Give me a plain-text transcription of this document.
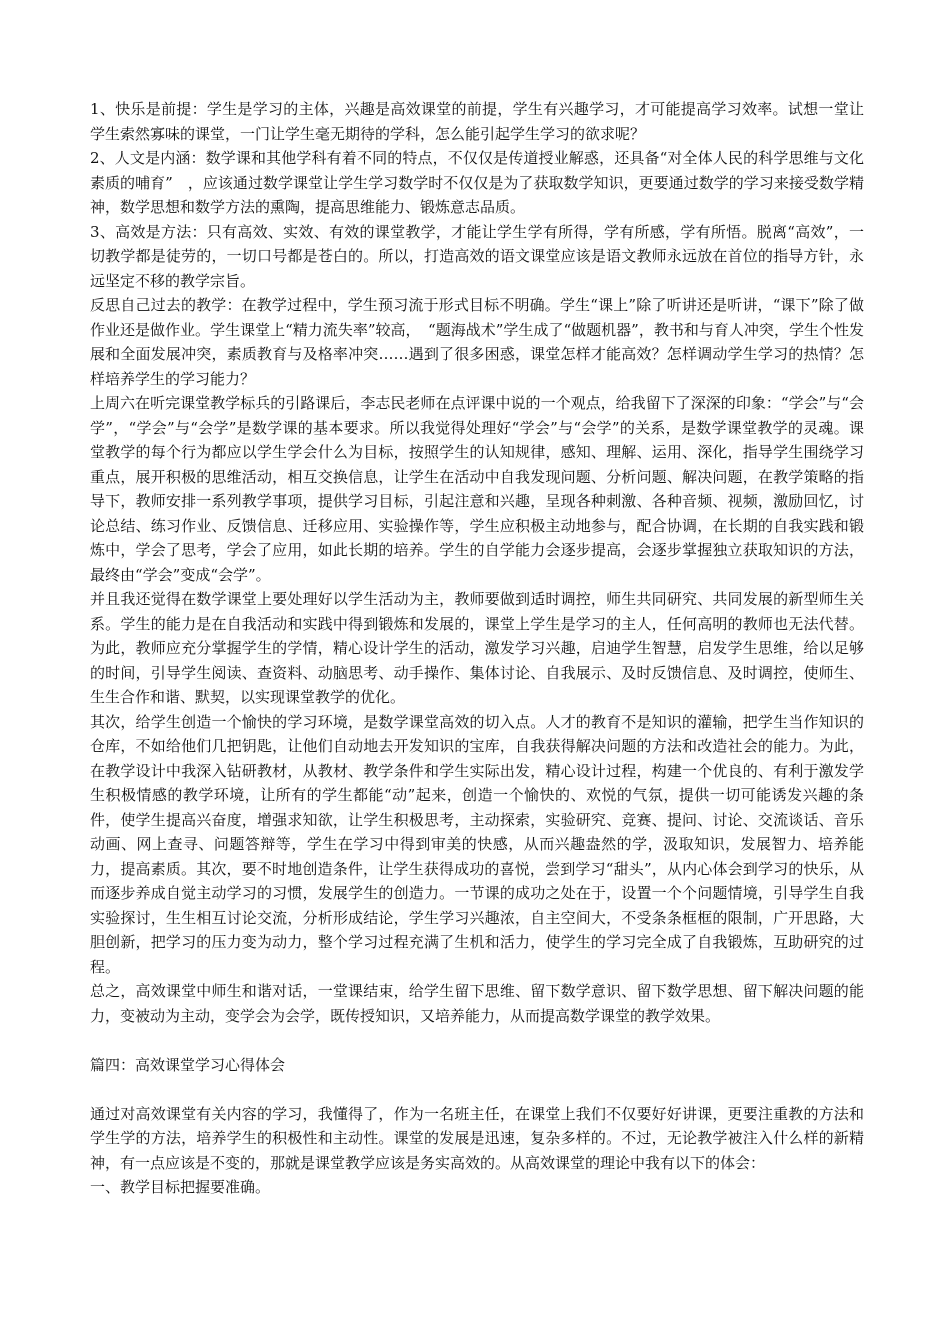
1、快乐是前提：学生是学习的主体，兴趣是高效课堂的前提，学生有兴趣学习，才可能提高学习效率。试想一堂让学生索然寡味的课堂，一门让学生毫无期待的学科，怎么能引起学生学习的欲求呢？

2、人文是内涵：数学课和其他学科有着不同的特点，不仅仅是传道授业解惑，还具备“对全体人民的科学思维与文化素质的哺育”　，应该通过数学课堂让学生学习数学时不仅仅是为了获取数学知识，更要通过数学的学习来接受数学精神，数学思想和数学方法的熏陶，提高思维能力、锻炼意志品质。

3、高效是方法：只有高效、实效、有效的课堂教学，才能让学生学有所得，学有所感，学有所悟。脱离“高效”，一切教学都是徒劳的，一切口号都是苍白的。所以，打造高效的语文课堂应该是语文教师永远放在首位的指导方针，永远坚定不移的教学宗旨。

反思自己过去的教学：在教学过程中，学生预习流于形式目标不明确。学生“课上”除了听讲还是听讲，“课下”除了做作业还是做作业。学生课堂上“精力流失率”较高，　“题海战术”学生成了“做题机器”，教书和与育人冲突，学生个性发展和全面发展冲突，素质教育与及格率冲突……遇到了很多困惑，课堂怎样才能高效？怎样调动学生学习的热情？怎样培养学生的学习能力？

上周六在听完课堂教学标兵的引路课后，李志民老师在点评课中说的一个观点，给我留下了深深的印象：“学会”与“会学”，“学会”与“会学”是数学课的基本要求。所以我觉得处理好“学会”与“会学”的关系，是数学课堂教学的灵魂。课堂教学的每个行为都应以学生学会什么为目标，按照学生的认知规律，感知、理解、运用、深化，指导学生围绕学习重点，展开积极的思维活动，相互交换信息，让学生在活动中自我发现问题、分析问题、解决问题，在教学策略的指导下，教师安排一系列教学事项，提供学习目标，引起注意和兴趣，呈现各种刺激、各种音频、视频，激励回忆，讨论总结、练习作业、反馈信息、迁移应用、实验操作等，学生应积极主动地参与，配合协调，在长期的自我实践和锻炼中，学会了思考，学会了应用，如此长期的培养。学生的自学能力会逐步提高，会逐步掌握独立获取知识的方法，最终由“学会”变成“会学”。

并且我还觉得在数学课堂上要处理好以学生活动为主，教师要做到适时调控，师生共同研究、共同发展的新型师生关系。学生的能力是在自我活动和实践中得到锻炼和发展的，课堂上学生是学习的主人，任何高明的教师也无法代替。为此，教师应充分掌握学生的学情，精心设计学生的活动，激发学习兴趣，启迪学生智慧，启发学生思维，给以足够的时间，引导学生阅读、查资料、动脑思考、动手操作、集体讨论、自我展示、及时反馈信息、及时调控，使师生、生生合作和谐、默契，以实现课堂教学的优化。

其次，给学生创造一个愉快的学习环境，是数学课堂高效的切入点。人才的教育不是知识的灌输，把学生当作知识的仓库，不如给他们几把钥匙，让他们自动地去开发知识的宝库，自我获得解决问题的方法和改造社会的能力。为此，在教学设计中我深入钻研教材，从教材、教学条件和学生实际出发，精心设计过程，构建一个优良的、有利于激发学生积极情感的教学环境，让所有的学生都能“动”起来，创造一个愉快的、欢悦的气氛，提供一切可能诱发兴趣的条件，使学生提高兴奋度，增强求知欲，让学生积极思考，主动探索，实验研究、竞赛、提问、讨论、交流谈话、音乐动画、网上查寻、问题答辩等，学生在学习中得到审美的快感，从而兴趣盎然的学，汲取知识，发展智力、培养能力，提高素质。其次，要不时地创造条件，让学生获得成功的喜悦，尝到学习“甜头”，从内心体会到学习的快乐，从而逐步养成自觉主动学习的习惯，发展学生的创造力。一节课的成功之处在于，设置一个个问题情境，引导学生自我实验探讨，生生相互讨论交流，分析形成结论，学生学习兴趣浓，自主空间大，不受条条框框的限制，广开思路，大胆创新，把学习的压力变为动力，整个学习过程充满了生机和活力，使学生的学习完全成了自我锻炼，互助研究的过程。

总之，高效课堂中师生和谐对话，一堂课结束，给学生留下思维、留下数学意识、留下数学思想、留下解决问题的能力，变被动为主动，变学会为会学，既传授知识，又培养能力，从而提高数学课堂的教学效果。

篇四：高效课堂学习心得体会

通过对高效课堂有关内容的学习，我懂得了，作为一名班主任，在课堂上我们不仅要好好讲课，更要注重教的方法和学生学的方法，培养学生的积极性和主动性。课堂的发展是迅速，复杂多样的。不过，无论教学被注入什么样的新精神，有一点应该是不变的，那就是课堂教学应该是务实高效的。从高效课堂的理论中我有以下的体会：

一、教学目标把握要准确。
